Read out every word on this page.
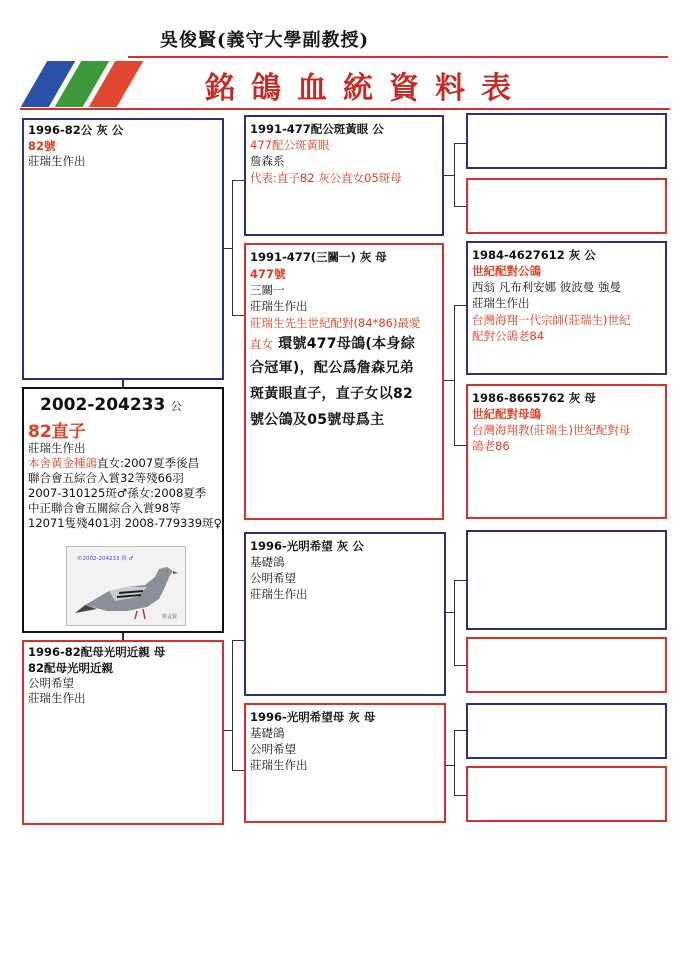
吳俊賢(義守大學副教授)
銘鴿血統資料表
1996-82公 灰 公
82號
莊瑞生作出
2002-204233 公
82直子
莊瑞生作出
本舍黃金種鴿直女:2007夏季後昌
聯合會五綜合入賞32等殘66羽
2007-310125斑♂孫女:2008夏季
中正聯合會五關綜合入賞98等
12071隻殘401羽 2008-779339斑♀
©2002-204233 斑 ♂
蔡孟賢
1996-82配母光明近親 母
82配母光明近親
公明希望
莊瑞生作出
1991-477配公斑黃眼 公
477配公斑黃眼
詹森系
代表:直子82 灰公直女05斑母
1991-477(三關一) 灰 母
477號
三關一
莊瑞生作出
莊瑞生先生世紀配對(84*86)最愛
直女 環號477母鴿(本身綜
合冠軍)，配公爲詹森兄弟
斑黃眼直子，直子女以82
號公鴿及05號母爲主
1996-光明希望 灰 公
基礎鴿
公明希望
莊瑞生作出
1996-光明希望母 灰 母
基礎鴿
公明希望
莊瑞生作出
1984-4627612 灰 公
世紀配對公鴿
西翁 凡布利安娜 彼波曼 強曼
莊瑞生作出
台灣海翔一代宗師(莊瑞生)世紀
配對公鴿老84
1986-8665762 灰 母
世紀配對母鴿
台灣海翔教(莊瑞生)世紀配對母
鴿老86
